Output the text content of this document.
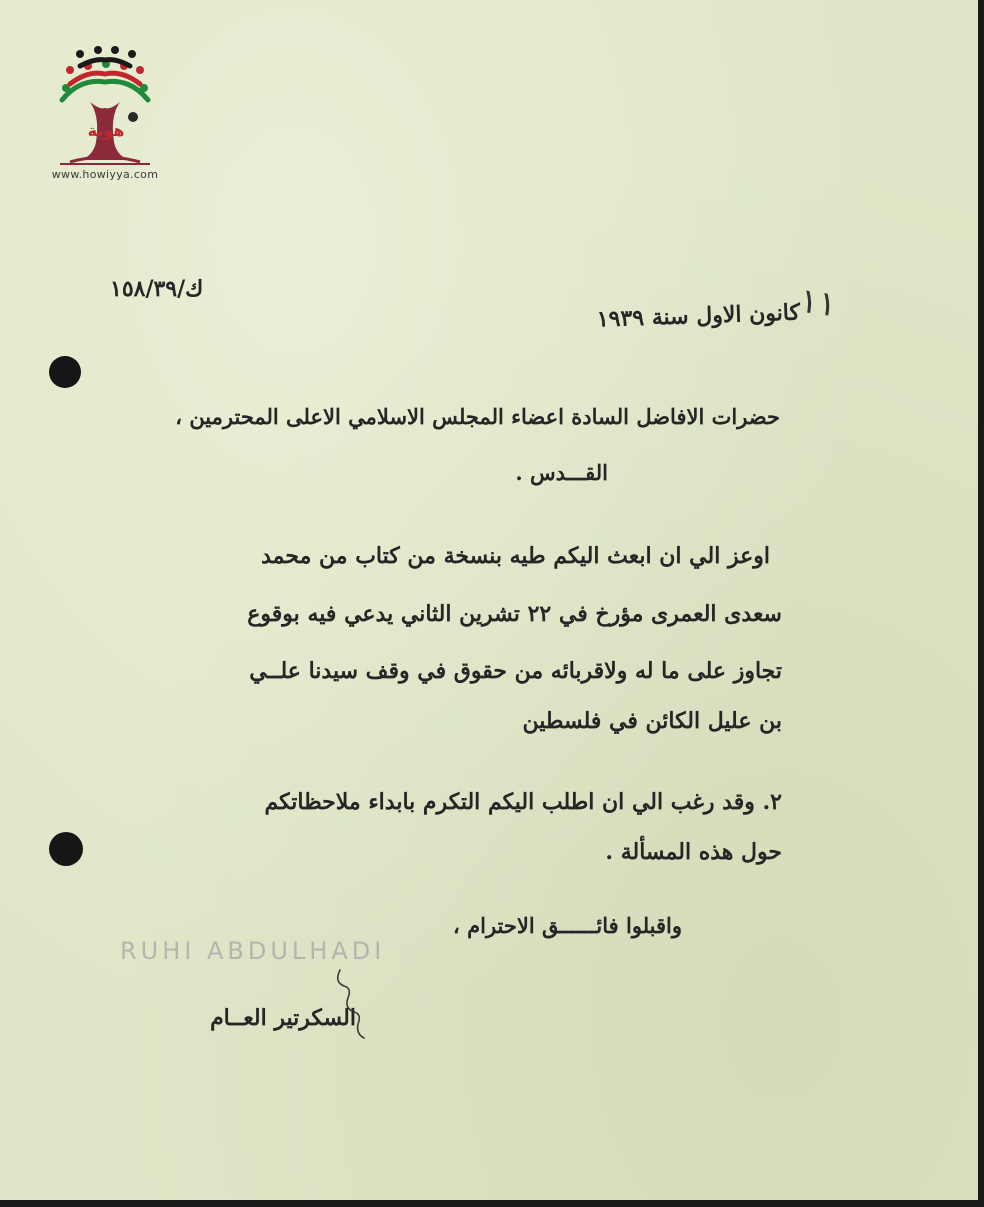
هوية
www.howiyya.com
ك/١٥٨/٣٩	١١
كانون الاول سنة ١٩٣٩
حضرات الافاضل السادة اعضاء المجلس الاسلامي الاعلى المحترمين ،
القـــدس .
اوعز الي ان ابعث اليكم طيه بنسخة من كتاب من محمد
سعدى العمرى مؤرخ في ٢٢ تشرين الثاني يدعي فيه بوقوع
تجاوز على ما له ولاقربائه من حقوق في وقف سيدنا علــي
بن عليل الكائن في فلسطين
٢. وقد رغب الي ان اطلب اليكم التكرم بابداء ملاحظاتكم
حول هذه المسألة .
واقبلوا فائــــــق الاحترام ،
RUHI ABDULHADI
السكرتير العــام
